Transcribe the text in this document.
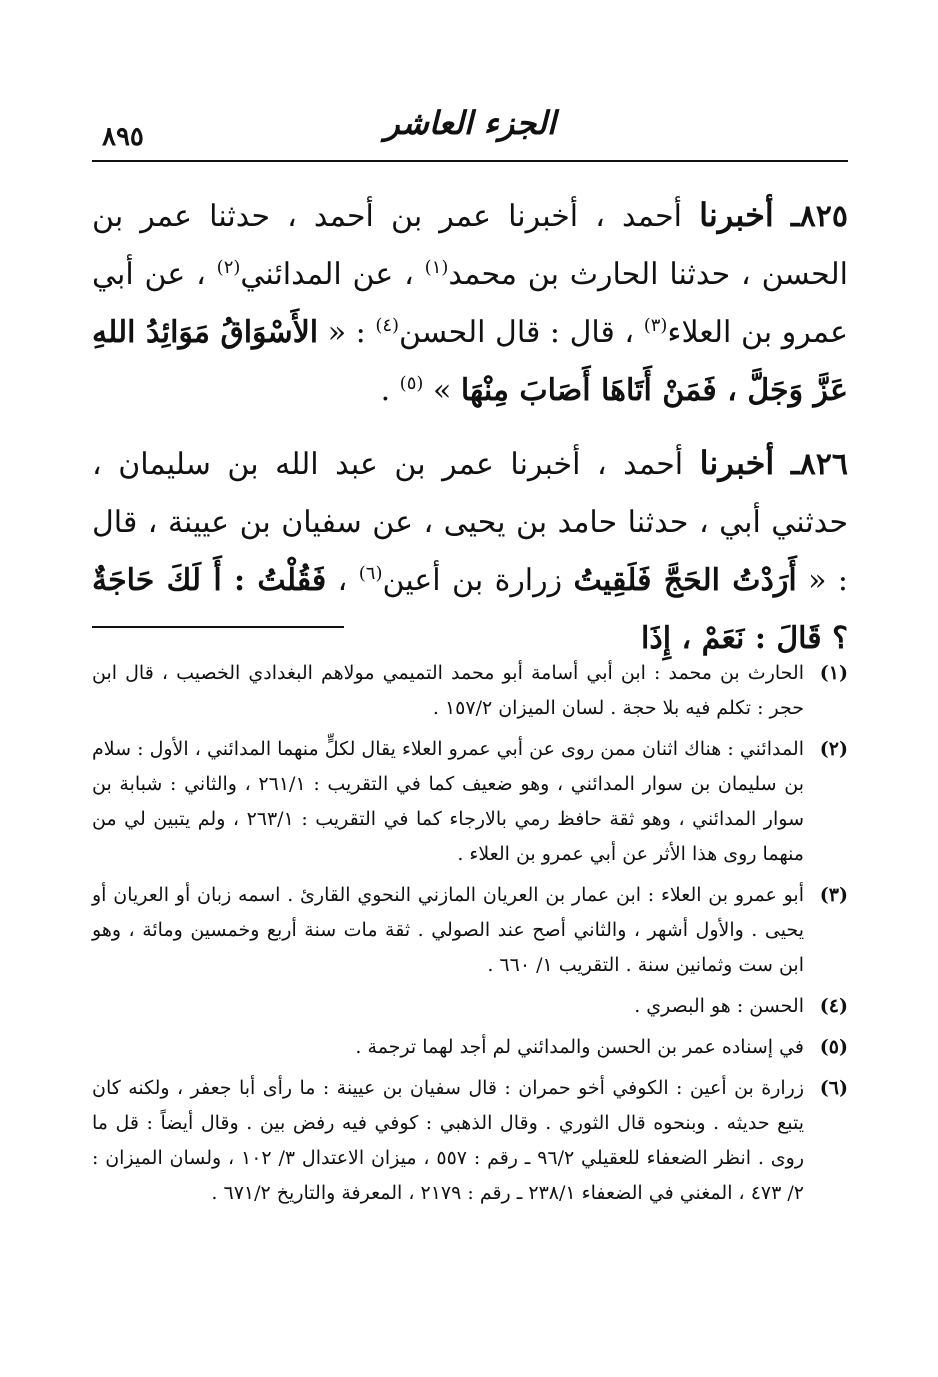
الجزء العاشر
٨٩٥

٨٢٥ـ أخبرنا أحمد ، أخبرنا عمر بن أحمد ، حدثنا عمر بن الحسن ، حدثنا الحارث بن محمد$^{(١)}$ ، عن المدائني$^{(٢)}$ ، عن أبي عمرو بن العلاء$^{(٣)}$ ، قال : قال الحسن$^{(٤)}$ : « الأَسْوَاقُ مَوَائِدُ اللهِ عَزَّ وَجَلَّ ، فَمَنْ أَتَاهَا أَصَابَ مِنْهَا » $^{(٥)}$ .

٨٢٦ـ أخبرنا أحمد ، أخبرنا عمر بن عبد الله بن سليمان ، حدثني أبي ، حدثنا حامد بن يحيى ، عن سفيان بن عيينة ، قال : « أَرَدْتُ الحَجَّ فَلَقِيتُ زرارة بن أعين$^{(٦)}$ ، فَقُلْتُ : أَ لَكَ حَاجَةٌ ؟ قَالَ : نَعَمْ ، إِذَا

(١)
الحارث بن محمد : ابن أبي أسامة أبو محمد التميمي مولاهم البغدادي الخصيب ، قال ابن حجر : تكلم فيه بلا حجة . لسان الميزان ١٥٧/٢ .
(٢)
المدائني : هناك اثنان ممن روى عن أبي عمرو العلاء يقال لكلٍّ منهما المدائني ، الأول : سلام بن سليمان بن سوار المدائني ، وهو ضعيف كما في التقريب : ٢٦١/١ ، والثاني : شبابة بن سوار المدائني ، وهو ثقة حافظ رمي بالارجاء كما في التقريب : ٢٦٣/١ ، ولم يتبين لي من منهما روى هذا الأثر عن أبي عمرو بن العلاء .
(٣)
أبو عمرو بن العلاء : ابن عمار بن العريان المازني النحوي القارئ . اسمه زبان أو العريان أو يحيى . والأول أشهر ، والثاني أصح عند الصولي . ثقة مات سنة أربع وخمسين ومائة ، وهو ابن ست وثمانين سنة . التقريب ١/ ٦٦٠ .
(٤)
الحسن : هو البصري .
(٥)
في إسناده عمر بن الحسن والمدائني لم أجد لهما ترجمة .
(٦)
زرارة بن أعين : الكوفي أخو حمران : قال سفيان بن عيينة : ما رأى أبا جعفر ، ولكنه كان يتبع حديثه . وبنحوه قال الثوري . وقال الذهبي : كوفي فيه رفض بين . وقال أيضاً : قل ما روى . انظر الضعفاء للعقيلي ٩٦/٢ ـ رقم : ٥٥٧ ، ميزان الاعتدال ٣/ ١٠٢ ، ولسان الميزان : ٢/ ٤٧٣ ، المغني في الضعفاء ٢٣٨/١ ـ رقم : ٢١٧٩ ، المعرفة والتاريخ ٦٧١/٢ .
